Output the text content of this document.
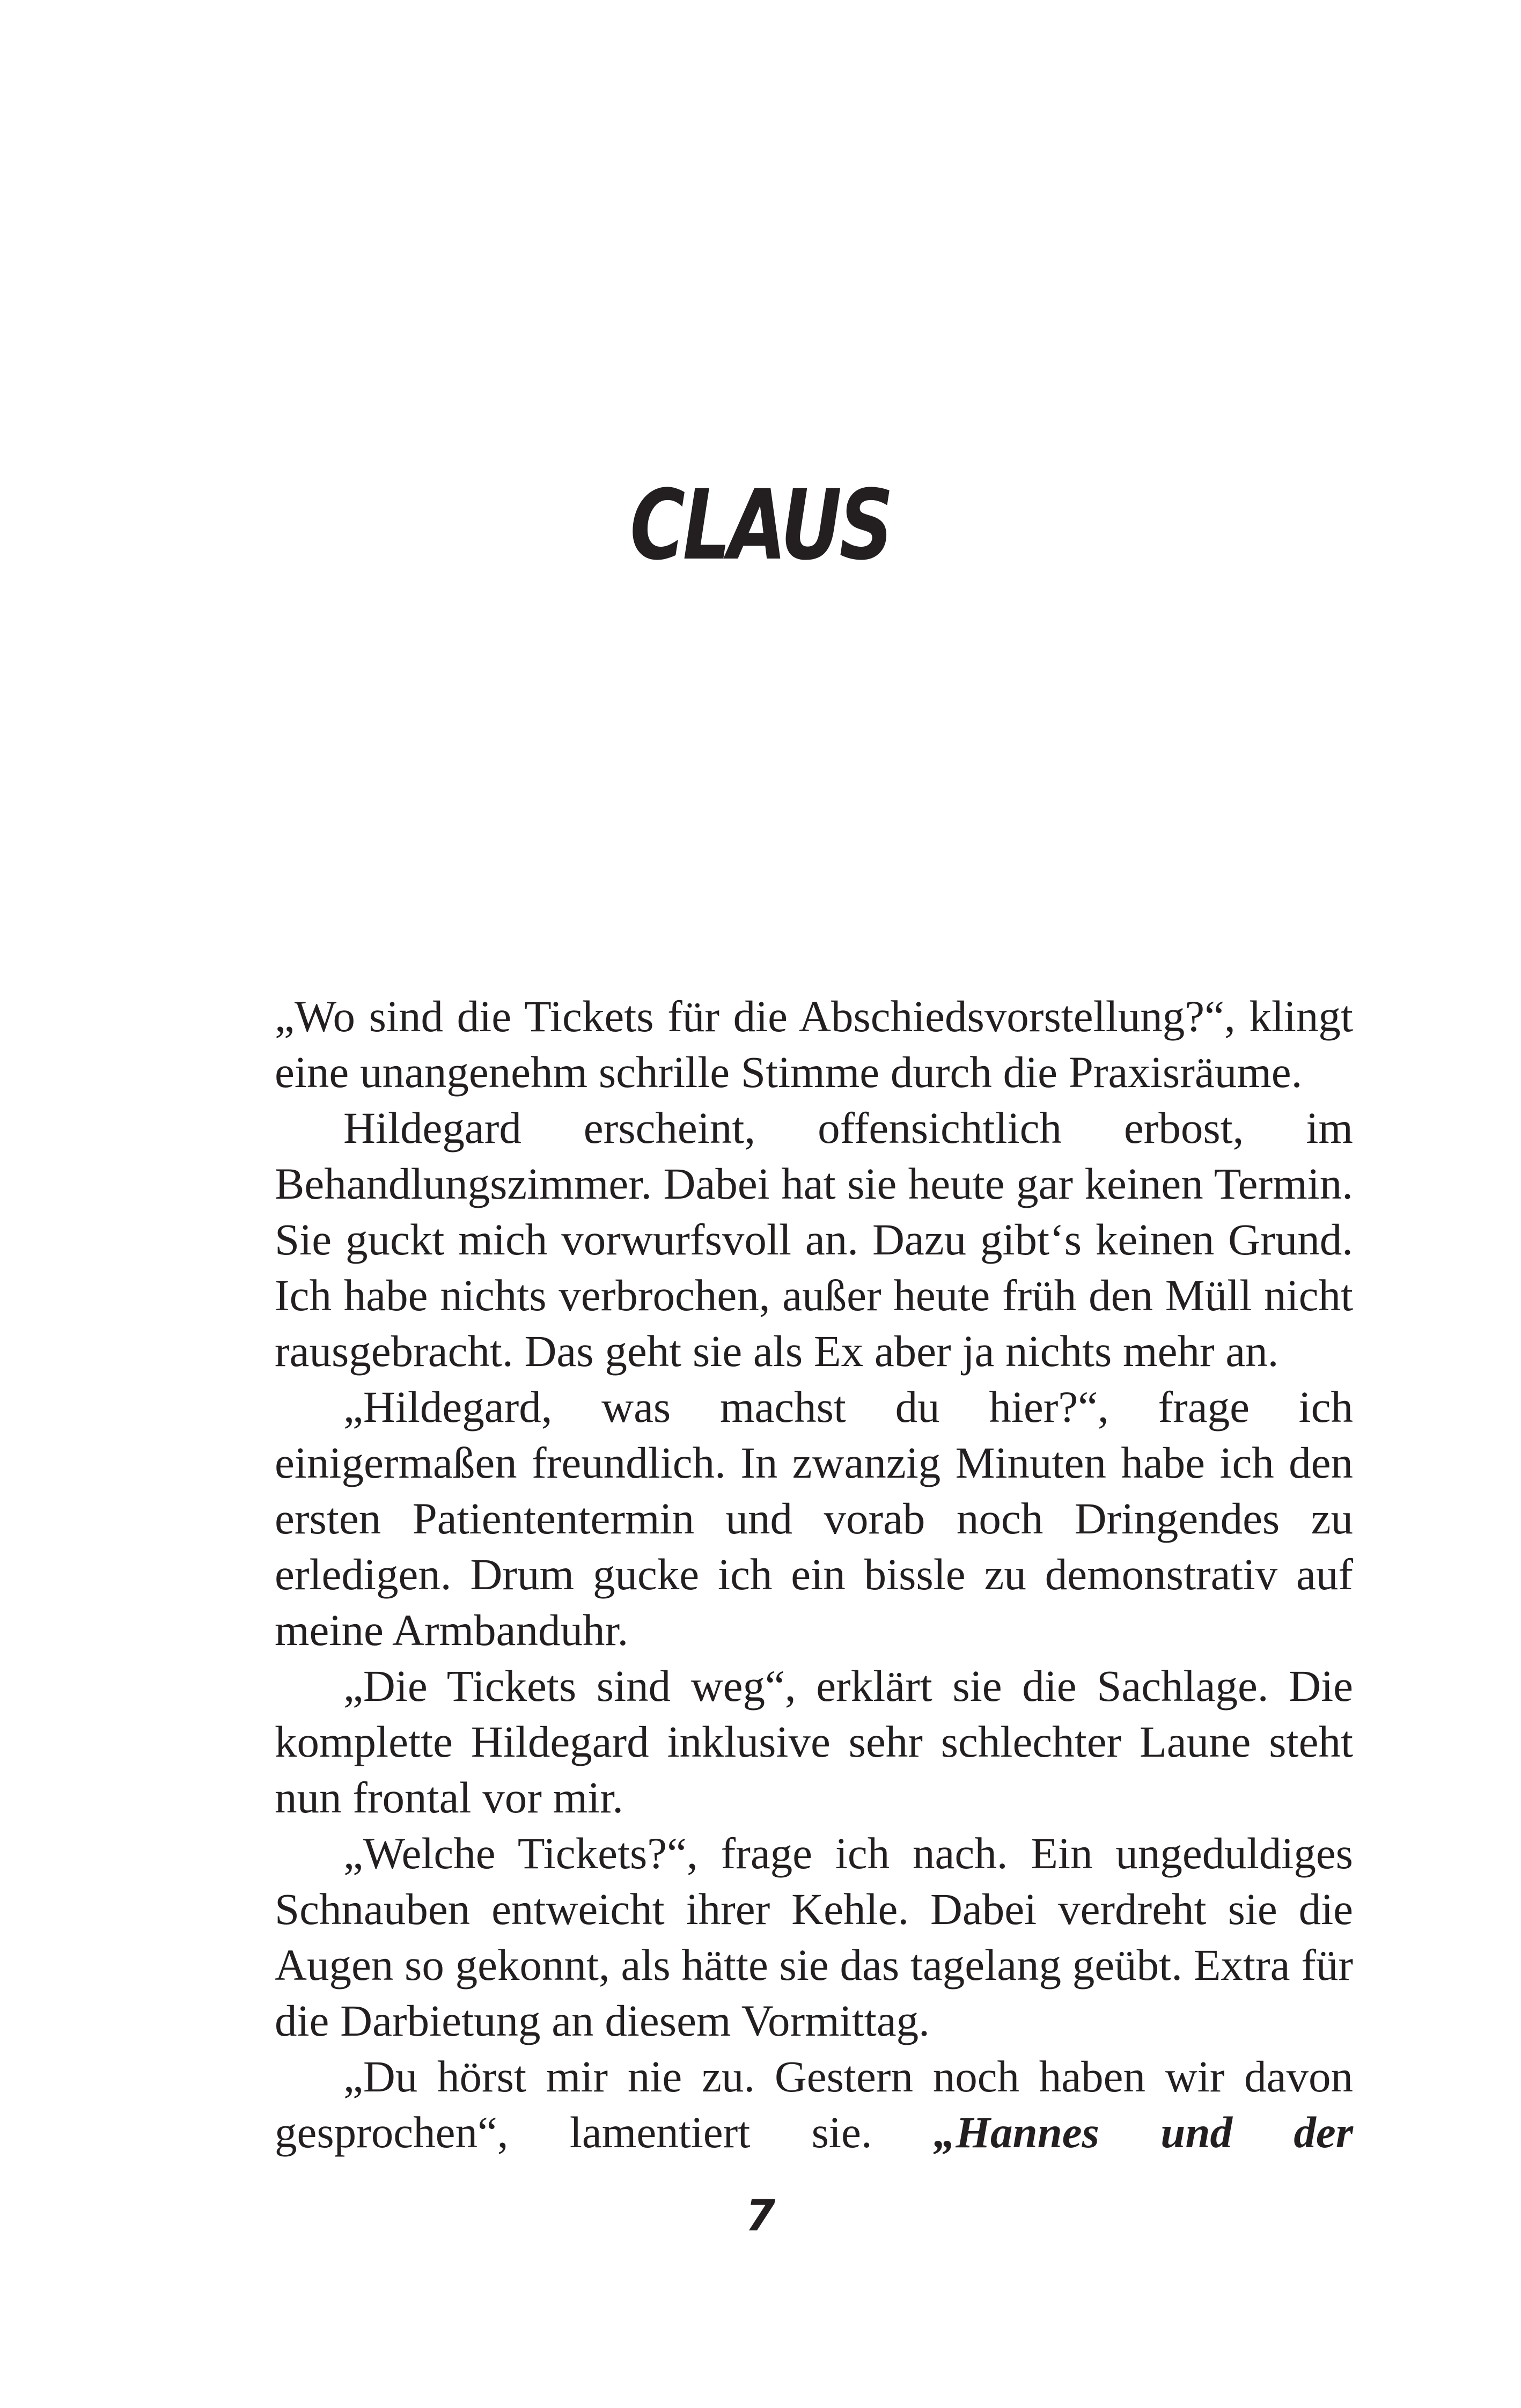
CLAUS

„Wo sind die Tickets für die Abschiedsvorstellung?“, klingt eine unangenehm schrille Stimme durch die Praxisräume.

Hildegard erscheint, offensichtlich erbost, im Behandlungszimmer. Dabei hat sie heute gar keinen Termin. Sie guckt mich vorwurfsvoll an. Dazu gibt‘s keinen Grund. Ich habe nichts verbrochen, außer heute früh den Müll nicht rausgebracht. Das geht sie als Ex aber ja nichts mehr an.

„Hildegard, was machst du hier?“, frage ich einigermaßen freundlich. In zwanzig Minuten habe ich den ersten Patiententermin und vorab noch Dringendes zu erledigen. Drum gucke ich ein bissle zu demonstrativ auf meine Armbanduhr.

„Die Tickets sind weg“, erklärt sie die Sachlage. Die komplette Hildegard inklusive sehr schlechter Laune steht nun frontal vor mir.

„Welche Tickets?“, frage ich nach. Ein ungeduldiges Schnauben entweicht ihrer Kehle. Dabei verdreht sie die Augen so gekonnt, als hätte sie das tagelang geübt. Extra für die Darbietung an diesem Vormittag.

„Du hörst mir nie zu. Gestern noch haben wir davon gesprochen“, lamentiert sie. „Hannes und der

7
